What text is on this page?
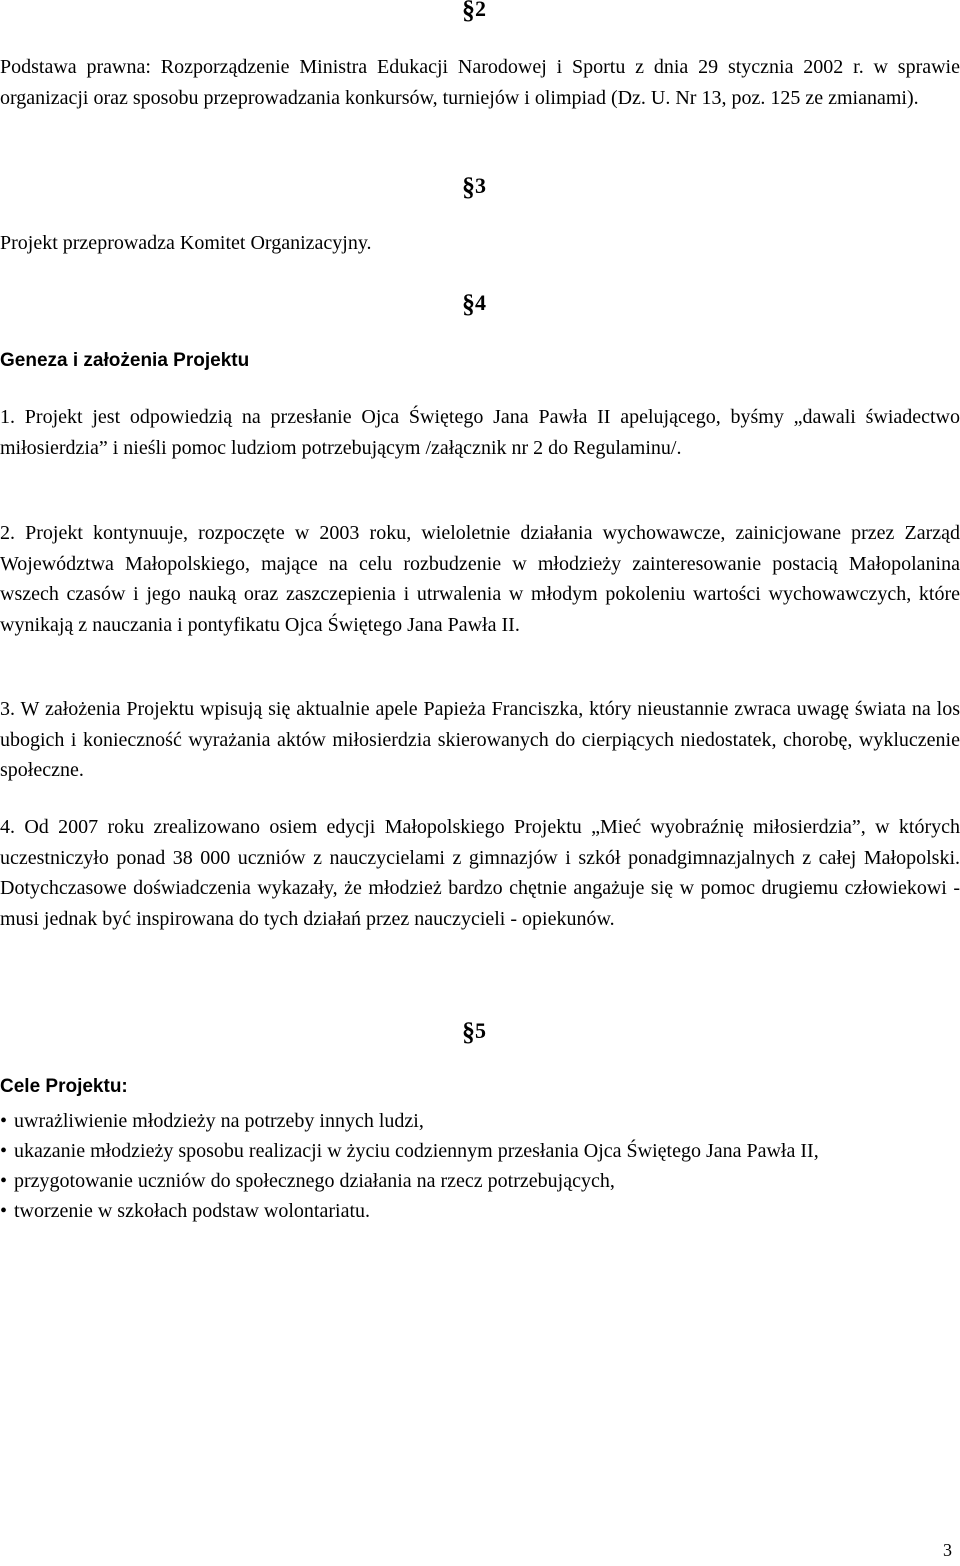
§2
Podstawa prawna: Rozporządzenie Ministra Edukacji Narodowej i Sportu z dnia 29 stycznia 2002 r. w sprawie organizacji oraz sposobu przeprowadzania konkursów, turniejów i olimpiad (Dz. U. Nr 13, poz. 125 ze zmianami).
§3
Projekt przeprowadza Komitet Organizacyjny.
§4
Geneza i założenia Projektu
1. Projekt jest odpowiedzią na przesłanie Ojca Świętego Jana Pawła II apelującego, byśmy „dawali świadectwo miłosierdzia” i nieśli pomoc ludziom potrzebującym /załącznik nr 2 do Regulaminu/.
2. Projekt kontynuuje, rozpoczęte w 2003 roku, wieloletnie działania wychowawcze, zainicjowane przez Zarząd Województwa Małopolskiego, mające na celu rozbudzenie w młodzieży zainteresowanie postacią Małopolanina wszech czasów i jego nauką oraz zaszczepienia i utrwalenia w młodym pokoleniu wartości wychowawczych, które wynikają z nauczania i pontyfikatu Ojca Świętego Jana Pawła II.
3. W założenia Projektu wpisują się aktualnie apele Papieża Franciszka, który nieustannie zwraca uwagę świata na los ubogich i konieczność wyrażania aktów miłosierdzia skierowanych do cierpiących niedostatek, chorobę, wykluczenie społeczne.
4. Od 2007 roku zrealizowano osiem edycji Małopolskiego Projektu „Mieć wyobraźnię miłosierdzia”, w których uczestniczyło ponad 38 000 uczniów z nauczycielami z gimnazjów i szkół ponadgimnazjalnych z całej Małopolski. Dotychczasowe doświadczenia wykazały, że młodzież bardzo chętnie angażuje się w pomoc drugiemu człowiekowi - musi jednak być inspirowana do tych działań przez nauczycieli - opiekunów.
§5
Cele Projektu:
• uwrażliwienie młodzieży na potrzeby innych ludzi,
• ukazanie młodzieży sposobu realizacji w życiu codziennym przesłania Ojca Świętego Jana Pawła II,
• przygotowanie uczniów do społecznego działania na rzecz potrzebujących,
• tworzenie w szkołach podstaw wolontariatu.
3
